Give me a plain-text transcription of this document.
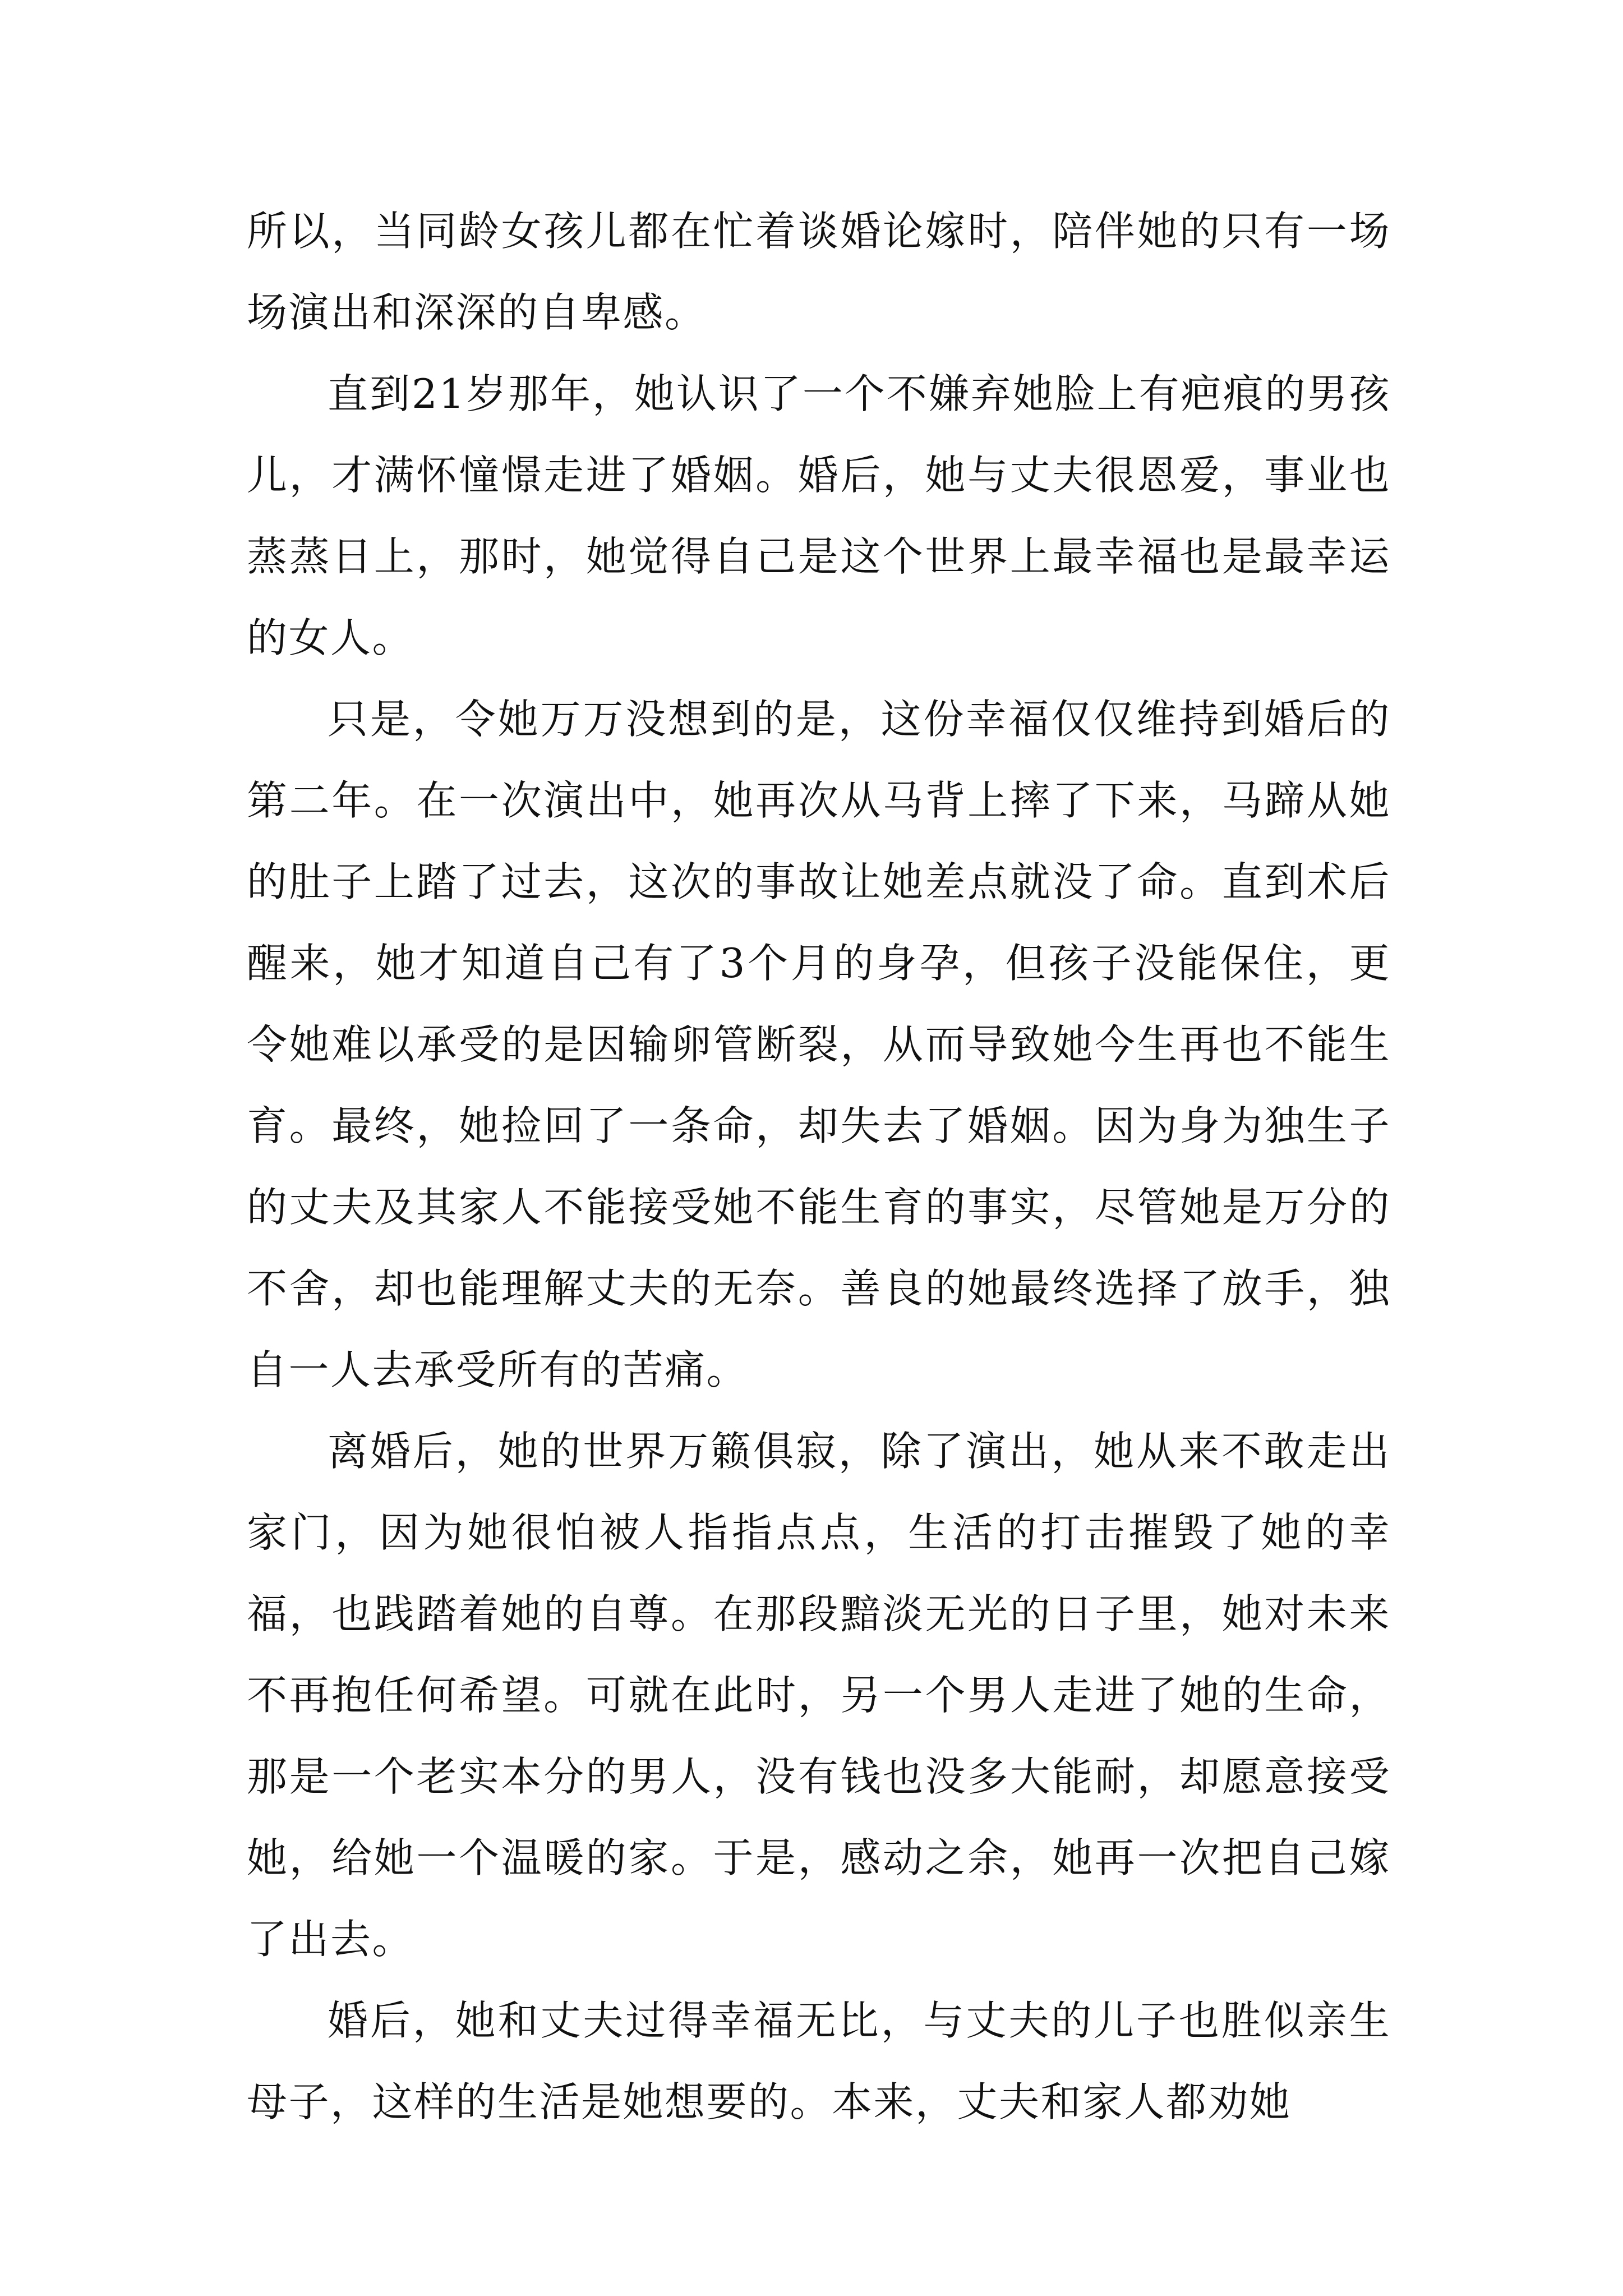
所以，当同龄女孩儿都在忙着谈婚论嫁时，陪伴她的只有一场场演出和深深的自卑感。

直到21岁那年，她认识了一个不嫌弃她脸上有疤痕的男孩儿，才满怀憧憬走进了婚姻。婚后，她与丈夫很恩爱，事业也蒸蒸日上，那时，她觉得自己是这个世界上最幸福也是最幸运的女人。

只是，令她万万没想到的是，这份幸福仅仅维持到婚后的第二年。在一次演出中，她再次从马背上摔了下来，马蹄从她的肚子上踏了过去，这次的事故让她差点就没了命。直到术后醒来，她才知道自己有了3个月的身孕，但孩子没能保住，更令她难以承受的是因输卵管断裂，从而导致她今生再也不能生育。最终，她捡回了一条命，却失去了婚姻。因为身为独生子的丈夫及其家人不能接受她不能生育的事实，尽管她是万分的不舍，却也能理解丈夫的无奈。善良的她最终选择了放手，独自一人去承受所有的苦痛。

离婚后，她的世界万籁俱寂，除了演出，她从来不敢走出家门，因为她很怕被人指指点点，生活的打击摧毁了她的幸福，也践踏着她的自尊。在那段黯淡无光的日子里，她对未来不再抱任何希望。可就在此时，另一个男人走进了她的生命，那是一个老实本分的男人，没有钱也没多大能耐，却愿意接受她，给她一个温暖的家。于是，感动之余，她再一次把自己嫁了出去。

婚后，她和丈夫过得幸福无比，与丈夫的儿子也胜似亲生母子，这样的生活是她想要的。本来，丈夫和家人都劝她
